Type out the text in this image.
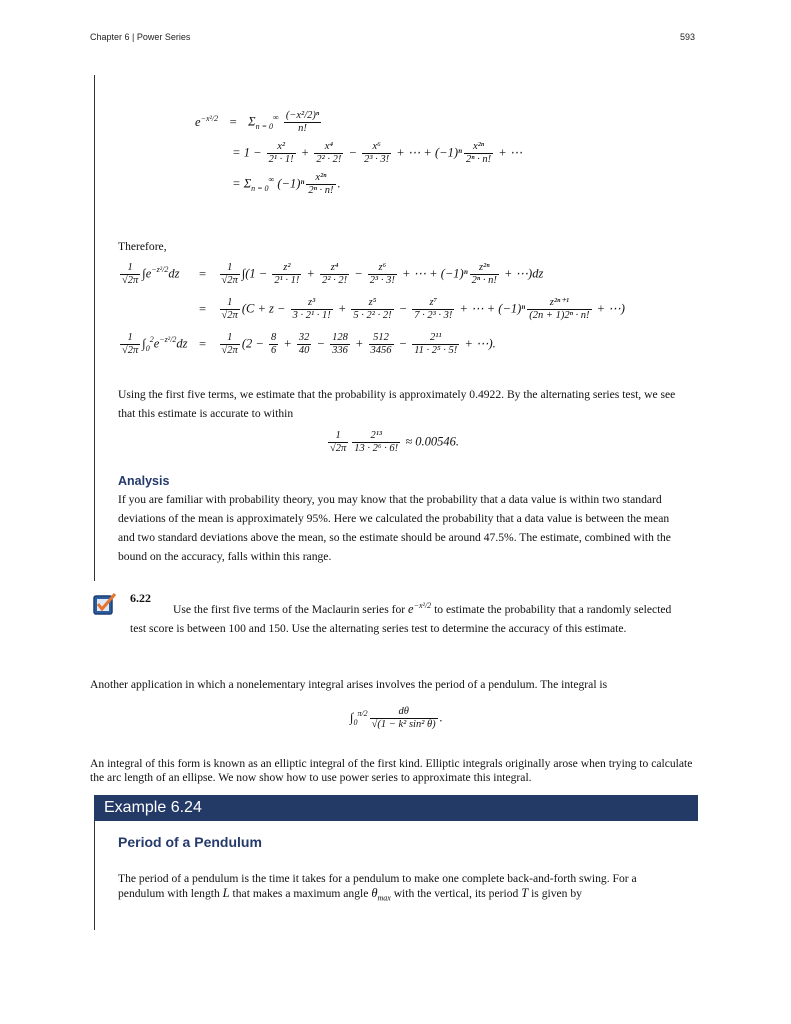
Chapter 6 | Power Series	593
$e^{-x^2/2} = \Sigma_{n = 0}^\infty \frac{\text{(−x²/2)ⁿ}}{n!}$
= $1 - \frac{\text{x²}}{\text{2¹ · 1!}} + \frac{\text{x⁴}}{\text{2² · 2!}} - \frac{\text{x⁶}}{\text{2³ · 3!}}$ + ⋯ + $(-1)^n \frac{\text{x²ⁿ}}{\text{2ⁿ · n!}}$ + ⋯
= $\Sigma_{n = 0}^\infty$ $(-1)^n \frac{\text{x²ⁿ}}{\text{2ⁿ · n!}}$ .
Therefore,
$\frac{1}{√2\pi} \int e^{-z^2/2}dz$	=	$\frac{1}{√2\pi} \int(1 - \frac{\text{z²}}{\text{2¹ · 1!}} + \frac{\text{z⁴}}{\text{2² · 2!}} - \frac{\text{z⁶}}{\text{2³ · 3!}}$ + ⋯ + $(-1)^n \frac{\text{z²ⁿ}}{\text{2ⁿ · n!}}$ + ⋯)dz
=	$\frac{1}{√2\pi} (C + z - \frac{\text{z³}}{\text{3 · 2¹ · 1!}} + \frac{\text{z⁵}}{\text{5 · 2² · 2!}} - \frac{\text{z⁷}}{\text{7 · 2³ · 3!}}$ + ⋯ + $(-1)^n \frac{\text{z²ⁿ⁺¹}}{\text{(2n + 1)2ⁿ · n!}}$ + ⋯)
$\frac{1}{√2\pi} \int_0^2e^{-z^2/2}dz$ =	$\frac{1}{√2\pi} (2 - \frac{8}{6} + \frac{32}{40} - \frac{128}{336} + \frac{512}{3456} - \frac{\text{2¹¹}}{\text{11 · 2⁵ · 5!}}$ + ⋯).
Using the first five terms, we estimate that the probability is approximately 0.4922. By the alternating series test, we see that this estimate is accurate to within
$\frac{1}{√2\pi} \frac{\text{2¹³}}{\text{13 · 2⁶ · 6!}} \approx 0.00546$.
Analysis
If you are familiar with probability theory, you may know that the probability that a data value is within two standard deviations of the mean is approximately 95%. Here we calculated the probability that a data value is between the mean and two standard deviations above the mean, so the estimate should be around 47.5%. The estimate, combined with the bound on the accuracy, falls within this range.
6.22
Use the first five terms of the Maclaurin series for $e^{-x^2/2}$ to estimate the probability that a randomly selected test score is between 100 and 150. Use the alternating series test to determine the accuracy of this estimate.
Another application in which a nonelementary integral arises involves the period of a pendulum. The integral is
$\int_0^{\pi/2} \frac{d\theta}{\text{√(1 − k² sin² θ)}}$ .
An integral of this form is known as an elliptic integral of the first kind. Elliptic integrals originally arose when trying to calculate the arc length of an ellipse. We now show how to use power series to approximate this integral.
Example 6.24
Period of a Pendulum
The period of a pendulum is the time it takes for a pendulum to make one complete back-and-forth swing. For a pendulum with length L that makes a maximum angle $\theta_{max}$ with the vertical, its period T is given by
